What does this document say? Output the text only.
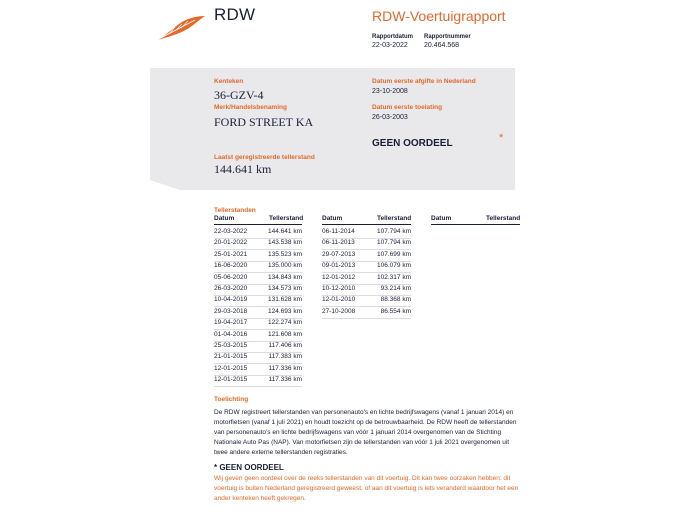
RDW	RDW-Voertuigrapport
Rapportdatum
22-03-2022
Rapportnummer
20.464.568
Kenteken
36-GZV-4
Merk/Handelsbenaming
FORD STREET KA
Datum eerste afgifte in Nederland
23-10-2008
Datum eerste toelating
26-03-2003
GEEN OORDEEL	*
Laatst geregistreerde tellerstand
144.641 km
Tellerstanden
Datum	Tellerstand	Datum	Tellerstand	Datum	Tellerstand
22-03-2022	144.641 km
20-01-2022	143.538 km
25-01-2021	135.523 km
16-06-2020	135.000 km
05-06-2020	134.843 km
26-03-2020	134.573 km
10-04-2019	131.628 km
29-03-2018	124.693 km
19-04-2017	122.274 km
01-04-2016	121.608 km
25-03-2015	117.406 km
21-01-2015	117.383 km
12-01-2015	117.336 km
12-01-2015	117.336 km
06-11-2014	107.794 km
06-11-2013	107.794 km
29-07-2013	107.699 km
09-01-2013	106.079 km
12-01-2012	102.317 km
10-12-2010	93.214 km
12-01-2010	88.368 km
27-10-2008	86.554 km
Toelichting
De RDW registreert tellerstanden van personenauto's en lichte bedrijfswagens (vanaf 1 januari 2014) en
motorfietsen (vanaf 1 juli 2021) en houdt toezicht op de betrouwbaarheid. De RDW heeft de tellerstanden
van personenauto's en lichte bedrijfswagens van vóór 1 januari 2014 overgenomen van de Stichting
Nationale Auto Pas (NAP). Van motorfietsen zijn de tellerstanden van vóór 1 juli 2021 overgenomen uit
twee andere externe tellerstanden registraties.
* GEEN OORDEEL
Wij geven geen oordeel over de reeks tellerstanden van dit voertuig. Dit kan twee oorzaken hebben: dit
voertuig is buiten Nederland geregistreerd geweest, of aan dit voertuig is iets veranderd waardoor het een
ander kenteken heeft gekregen.
